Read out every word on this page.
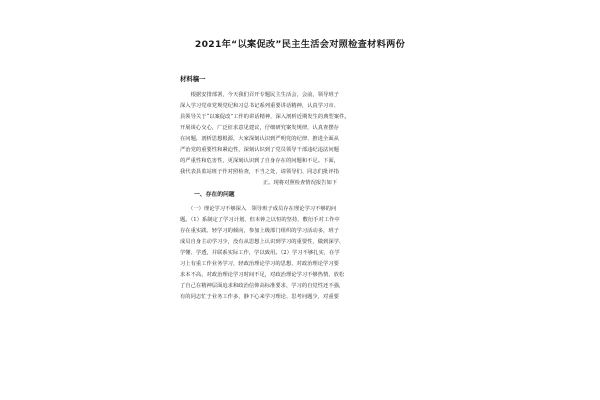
2021年“以案促改”民主生活会对照检查材料两份
材料稿一

　　根据安排部署，今天我们召开专题民主生活会，会前，领导班子

深入学习党章党规党纪和习总书记系列重要讲话精神，认真学习市、

县领导关于“以案促改”工作的讲话精神，深入剖析近期发生的典型案件。

开展谈心交心，广泛征求意见建议，仔细研究案发规律，认真查摆存

在问题，剖析思想根源，大家深刻认识到严明党的纪律、推进全面从

严治党的重要性和紧迫性，深刻认识到了党员领导干部违纪违法问题

的严重性和危害性，更深刻认识到了自身存在的问题和不足。下面，

我代表县监站班子作对照检查，不当之处，请领导们、同志们批评指

正。现将对照检查情况报告如下

一、存在的问题

　　（一）理论学习不够深入　领导班子成员存在理论学习不够的问

题。（1）系制定了学习计划，但本钟之以恒的坚持，敷衍手对工作中

存在重实践、轻学习的倾向，参加上级部门组织的学习活动多，班子

成员自身主动学习少，没有从思想上认识到学习的重要性，做到深学、

学懂、学透，并联系实际工作，学以致用。（2）学习不够扎实，在学

习上有重工作业务学习，轻政治理论学习的思想，对政治理论学习要

求本不高，对政治理论学习时间不足，对政治理论学习不够热情，放松

了自己在精神层面追求和政治信仰高标准要求，学习的自觉性还不强，

有的同志忙于业务工作多，静下心来学习理论、思考问题少，对重要
